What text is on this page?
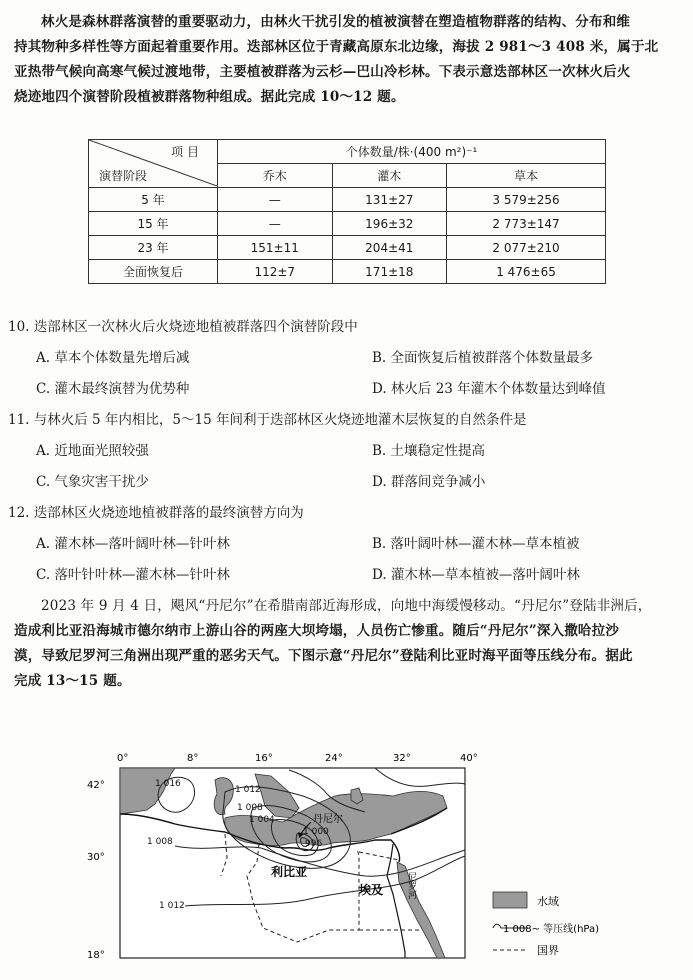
林火是森林群落演替的重要驱动力，由林火干扰引发的植被演替在塑造植物群落的结构、分布和维

持其物种多样性等方面起着重要作用。迭部林区位于青藏高原东北边缘，海拔 2 981～3 408 米，属于北

亚热带气候向高寒气候过渡地带，主要植被群落为云杉—巴山冷杉林。下表示意迭部林区一次林火后火

烧迹地四个演替阶段植被群落物种组成。据此完成 10～12 题。

项 目
演替阶段	个体数量/株·(400 m²)⁻¹		
	乔木	灌木	草本
5 年	—	131±27	3 579±256
15 年	—	196±32	2 773±147
23 年	151±11	204±41	2 077±210
全面恢复后	112±7	171±18	1 476±65
10. 迭部林区一次林火后火烧迹地植被群落四个演替阶段中
A. 草本个体数量先增后减	B. 全面恢复后植被群落个体数量最多
C. 灌木最终演替为优势种	D. 林火后 23 年灌木个体数量达到峰值
11. 与林火后 5 年内相比，5～15 年间利于迭部林区火烧迹地灌木层恢复的自然条件是
A. 近地面光照较强	B. 土壤稳定性提高
C. 气象灾害干扰少	D. 群落间竞争减小
12. 迭部林区火烧迹地植被群落的最终演替方向为
A. 灌木林—落叶阔叶林—针叶林	B. 落叶阔叶林—灌木林—草本植被
C. 落叶针叶林—灌木林—针叶林	D. 灌木林—草本植被—落叶阔叶林

2023 年 9 月 4 日，飓风“丹尼尔”在希腊南部近海形成，向地中海缓慢移动。“丹尼尔”登陆非洲后，

造成利比亚沿海城市德尔纳市上游山谷的两座大坝垮塌，人员伤亡惨重。随后“丹尼尔”深入撒哈拉沙

漠，导致尼罗河三角洲出现严重的恶劣天气。下图示意“丹尼尔”登陆利比亚时海平面等压线分布。据此

完成 13～15 题。

0°	8°	16°	24°	32°	40°
42°
30°
18°
1 016
1 012
1 008
1 004
1 000
996
1 008
1 012
丹尼尔
利比亚
埃及	尼罗河
水域
1 008~ 等压线(hPa)
国界
